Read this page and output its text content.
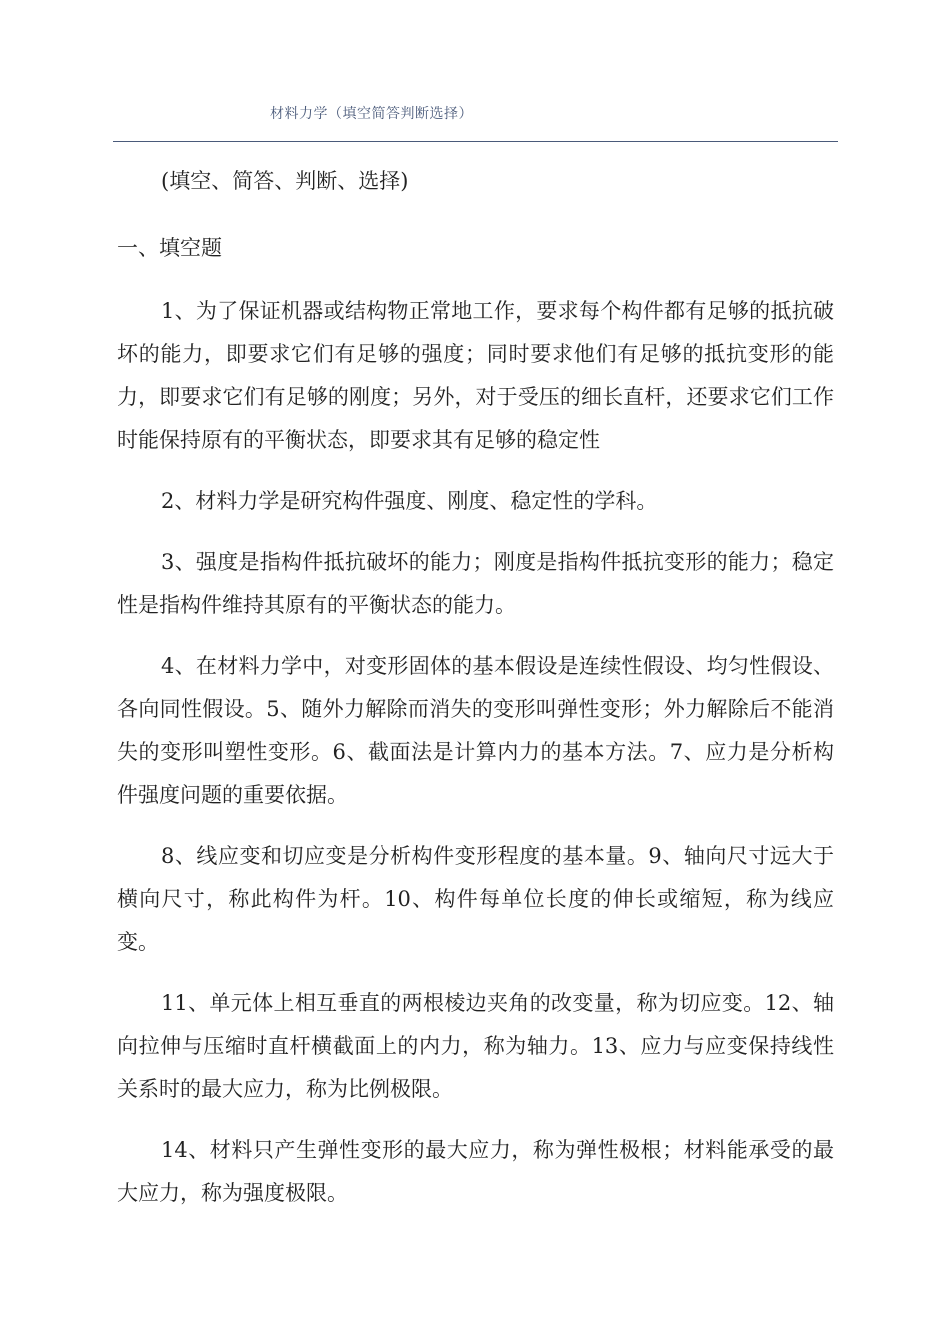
材料力学（填空简答判断选择）

(填空、简答、判断、选择)

一、填空题

1、为了保证机器或结构物正常地工作，要求每个构件都有足够的抵抗破坏的能力，即要求它们有足够的强度；同时要求他们有足够的抵抗变形的能力，即要求它们有足够的刚度；另外，对于受压的细长直杆，还要求它们工作时能保持原有的平衡状态，即要求其有足够的稳定性

2、材料力学是研究构件强度、刚度、稳定性的学科。

3、强度是指构件抵抗破坏的能力；刚度是指构件抵抗变形的能力；稳定性是指构件维持其原有的平衡状态的能力。

4、在材料力学中，对变形固体的基本假设是连续性假设、均匀性假设、各向同性假设。5、随外力解除而消失的变形叫弹性变形；外力解除后不能消失的变形叫塑性变形。6、截面法是计算内力的基本方法。7、应力是分析构件强度问题的重要依据。

8、线应变和切应变是分析构件变形程度的基本量。9、轴向尺寸远大于横向尺寸，称此构件为杆。10、构件每单位长度的伸长或缩短，称为线应变。

11、单元体上相互垂直的两根棱边夹角的改变量，称为切应变。12、轴向拉伸与压缩时直杆横截面上的内力，称为轴力。13、应力与应变保持线性关系时的最大应力，称为比例极限。

14、材料只产生弹性变形的最大应力，称为弹性极根；材料能承受的最大应力，称为强度极限。
